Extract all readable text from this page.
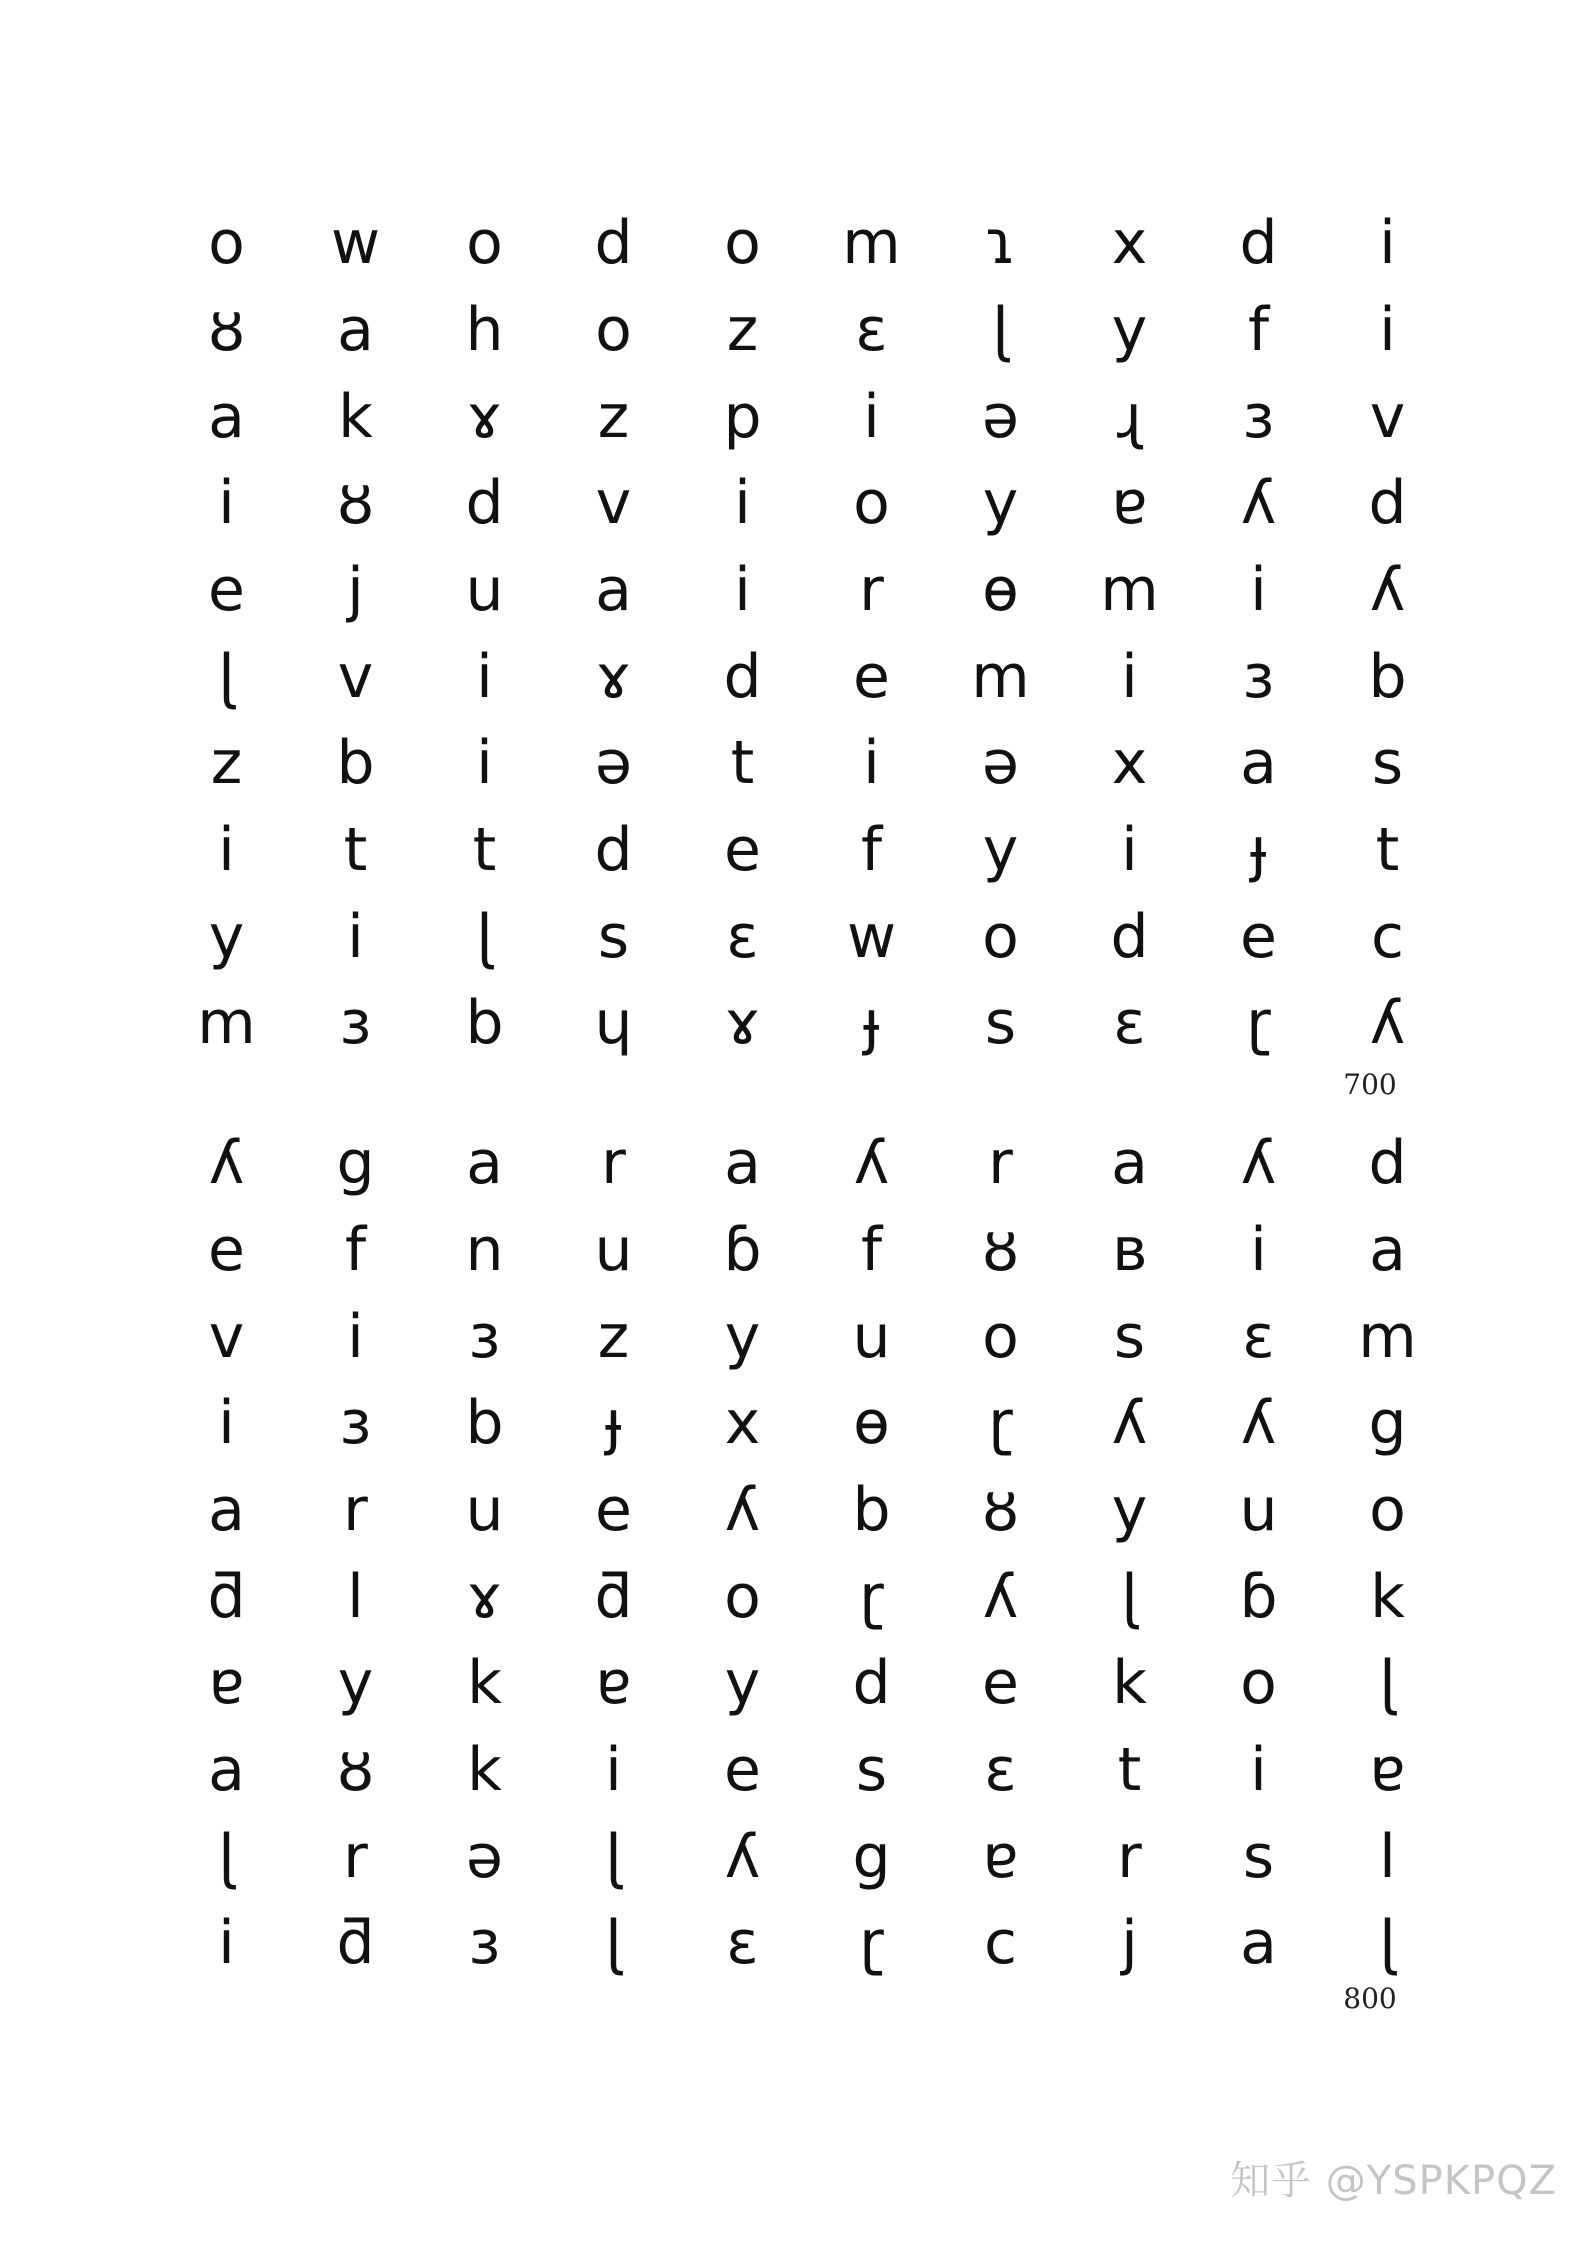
o	w	o	d	o	m	ɿ	x	d	i
ȣ	a	h	o	z	ɛ	ɭ	y	f	i
a	k	ɤ	z	p	i	ə	ɻ	ɜ	v
i	ȣ	d	v	i	o	y	ɐ	ʎ	d
e	j	u	a	i	r	ɵ	m	i	ʎ
ɭ	v	i	ɤ	d	e	m	i	ɜ	b
z	b	i	ə	t	i	ə	x	a	s
i	t	t	d	e	f	y	i	ɟ	t
y	i	ɭ	s	ɛ	w	o	d	e	c
m	ɜ	b	ɥ	ɤ	ɟ	s	ɛ	ɽ	ʎ
700
ʎ	g	a	r	a	ʎ	r	a	ʎ	d
e	f	n	u	ɓ	f	ȣ	ʙ	i	a
v	i	ɜ	z	y	u	o	s	ɛ	m
i	ɜ	b	ɟ	x	ɵ	ɽ	ʎ	ʎ	g
a	r	u	e	ʎ	b	ȣ	y	u	o
ƌ	l	ɤ	ƌ	o	ɽ	ʎ	ɭ	ɓ	k
ɐ	y	k	ɐ	y	d	e	k	o	ɭ
a	ȣ	k	i	e	s	ɛ	t	i	ɐ
ɭ	r	ə	ɭ	ʎ	g	ɐ	r	s	l
i	ƌ	ɜ	ɭ	ɛ	ɽ	c	j	a	ɭ
800
知乎 @YSPKPQZ
